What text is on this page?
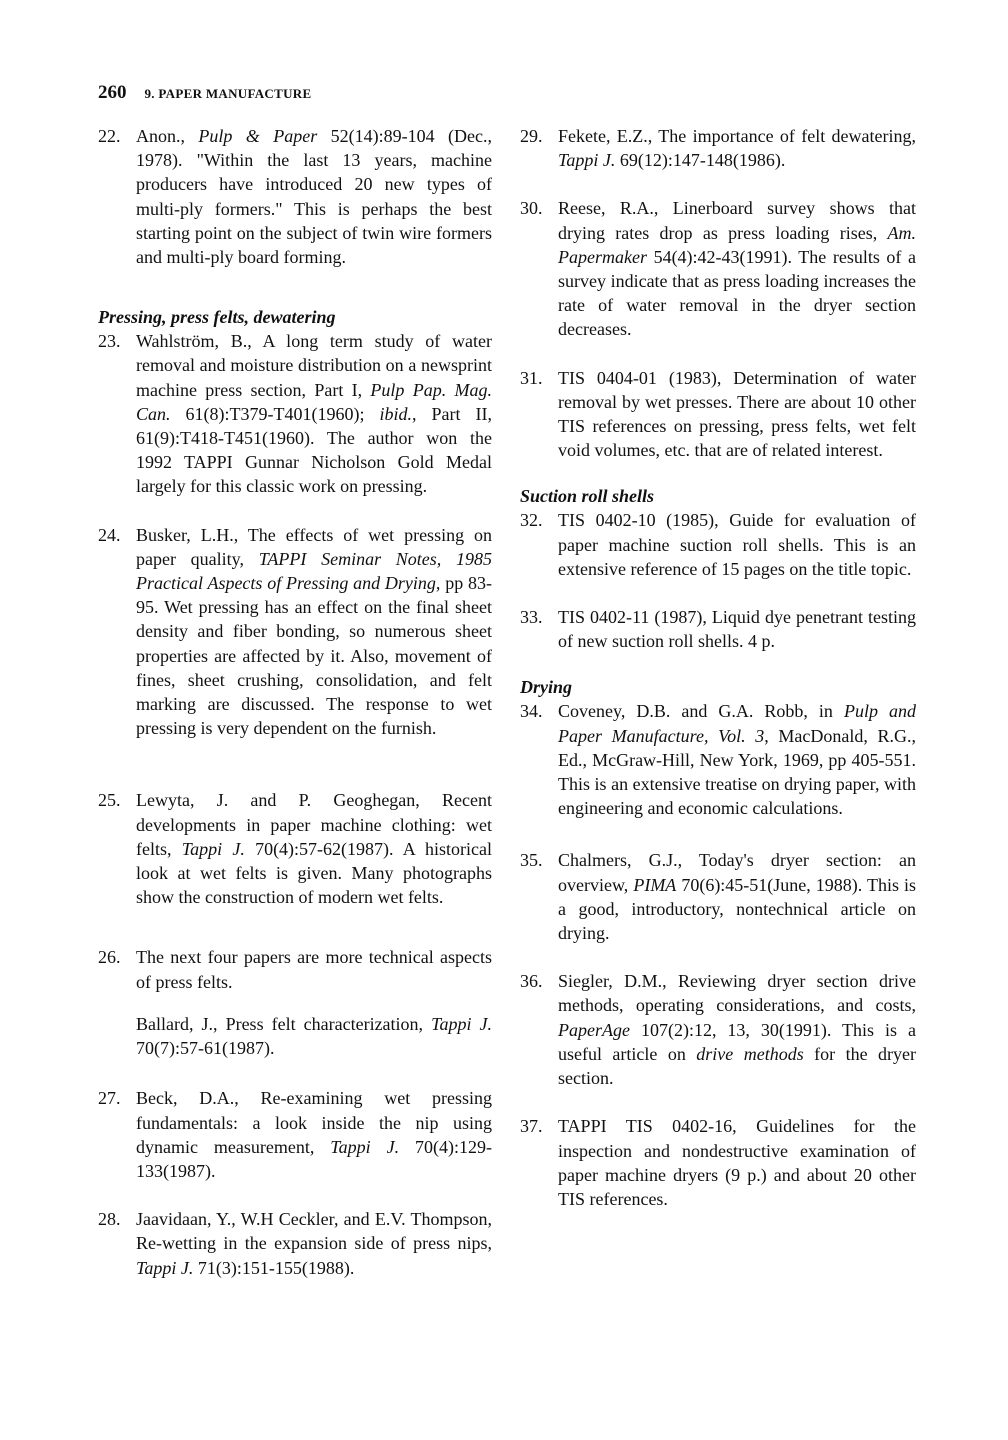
260 9. PAPER MANUFACTURE
22. Anon., Pulp & Paper 52(14):89-104 (Dec., 1978). "Within the last 13 years, machine producers have introduced 20 new types of multi-ply formers." This is perhaps the best starting point on the subject of twin wire formers and multi-ply board forming.

Pressing, press felts, dewatering
23. Wahlström, B., A long term study of water removal and moisture distribution on a newsprint machine press section, Part I, Pulp Pap. Mag. Can. 61(8):T379-T401(1960); ibid., Part II, 61(9):T418-T451(1960). The author won the 1992 TAPPI Gunnar Nicholson Gold Medal largely for this classic work on pressing.

24. Busker, L.H., The effects of wet pressing on paper quality, TAPPI Seminar Notes, 1985 Practical Aspects of Pressing and Drying, pp 83-95. Wet pressing has an effect on the final sheet density and fiber bonding, so numerous sheet properties are affected by it. Also, movement of fines, sheet crushing, consolidation, and felt marking are discussed. The response to wet pressing is very dependent on the furnish.

25. Lewyta, J. and P. Geoghegan, Recent developments in paper machine clothing: wet felts, Tappi J. 70(4):57-62(1987). A historical look at wet felts is given. Many photographs show the construction of modern wet felts.

26. The next four papers are more technical aspects of press felts.

Ballard, J., Press felt characterization, Tappi J. 70(7):57-61(1987).

27. Beck, D.A., Re-examining wet pressing fundamentals: a look inside the nip using dynamic measurement, Tappi J. 70(4):129-133(1987).

28. Jaavidaan, Y., W.H Ceckler, and E.V. Thompson, Re-wetting in the expansion side of press nips, Tappi J. 71(3):151-155(1988).

29. Fekete, E.Z., The importance of felt dewatering, Tappi J. 69(12):147-148(1986).

30. Reese, R.A., Linerboard survey shows that drying rates drop as press loading rises, Am. Papermaker 54(4):42-43(1991). The results of a survey indicate that as press loading increases the rate of water removal in the dryer section decreases.

31. TIS 0404-01 (1983), Determination of water removal by wet presses. There are about 10 other TIS references on pressing, press felts, wet felt void volumes, etc. that are of related interest.

Suction roll shells
32. TIS 0402-10 (1985), Guide for evaluation of paper machine suction roll shells. This is an extensive reference of 15 pages on the title topic.

33. TIS 0402-11 (1987), Liquid dye penetrant testing of new suction roll shells. 4 p.

Drying
34. Coveney, D.B. and G.A. Robb, in Pulp and Paper Manufacture, Vol. 3, MacDonald, R.G., Ed., McGraw-Hill, New York, 1969, pp 405-551. This is an extensive treatise on drying paper, with engineering and economic calculations.

35. Chalmers, G.J., Today's dryer section: an overview, PIMA 70(6):45-51(June, 1988). This is a good, introductory, nontechnical article on drying.

36. Siegler, D.M., Reviewing dryer section drive methods, operating considerations, and costs, PaperAge 107(2):12, 13, 30(1991). This is a useful article on drive methods for the dryer section.

37. TAPPI TIS 0402-16, Guidelines for the inspection and nondestructive examination of paper machine dryers (9 p.) and about 20 other TIS references.
